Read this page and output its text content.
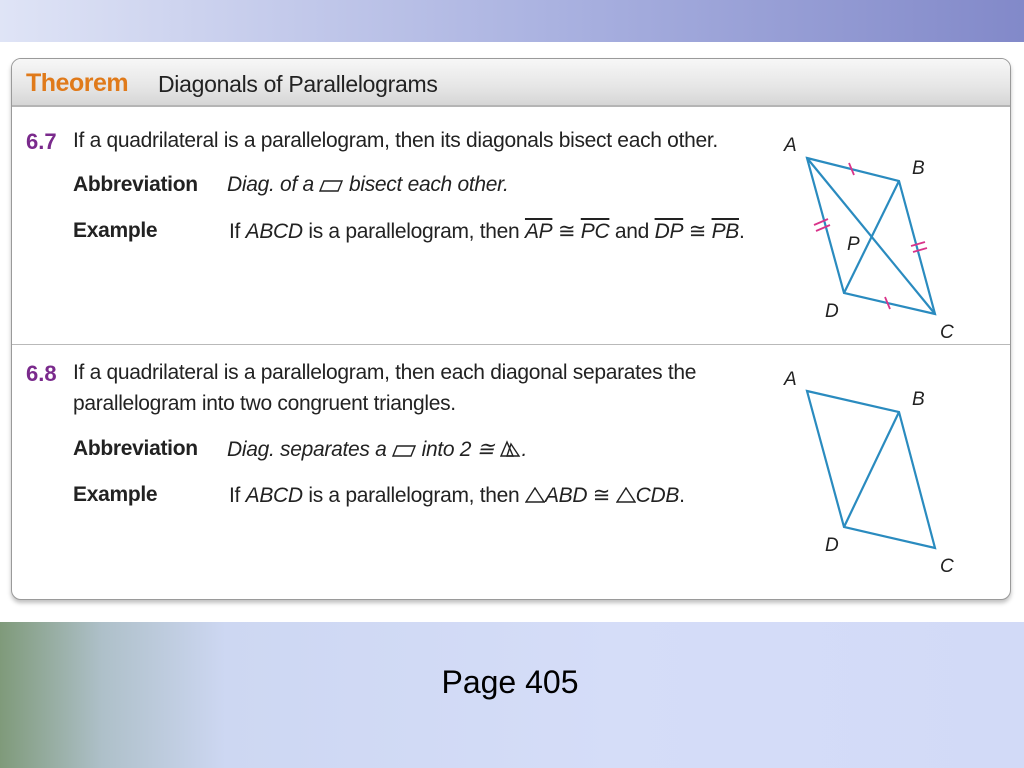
Theorem Diagonals of Parallelograms
6.7 If a quadrilateral is a parallelogram, then its diagonals bisect each other.
Abbreviation Diag. of a bisect each other.
Example	If ABCD is a parallelogram, then $\overline{AP}$ ≅ $\overline{PC}$ and $\overline{DP}$ ≅ $\overline{PB}$.
A
B
C
D
P
6.8 If a quadrilateral is a parallelogram, then each diagonal separates the
parallelogram into two congruent triangles.
Abbreviation Diag. separates a into 2 ≅ .
Example	If ABCD is a parallelogram, then ABD ≅ CDB.
A
B
C
D
Page 405
